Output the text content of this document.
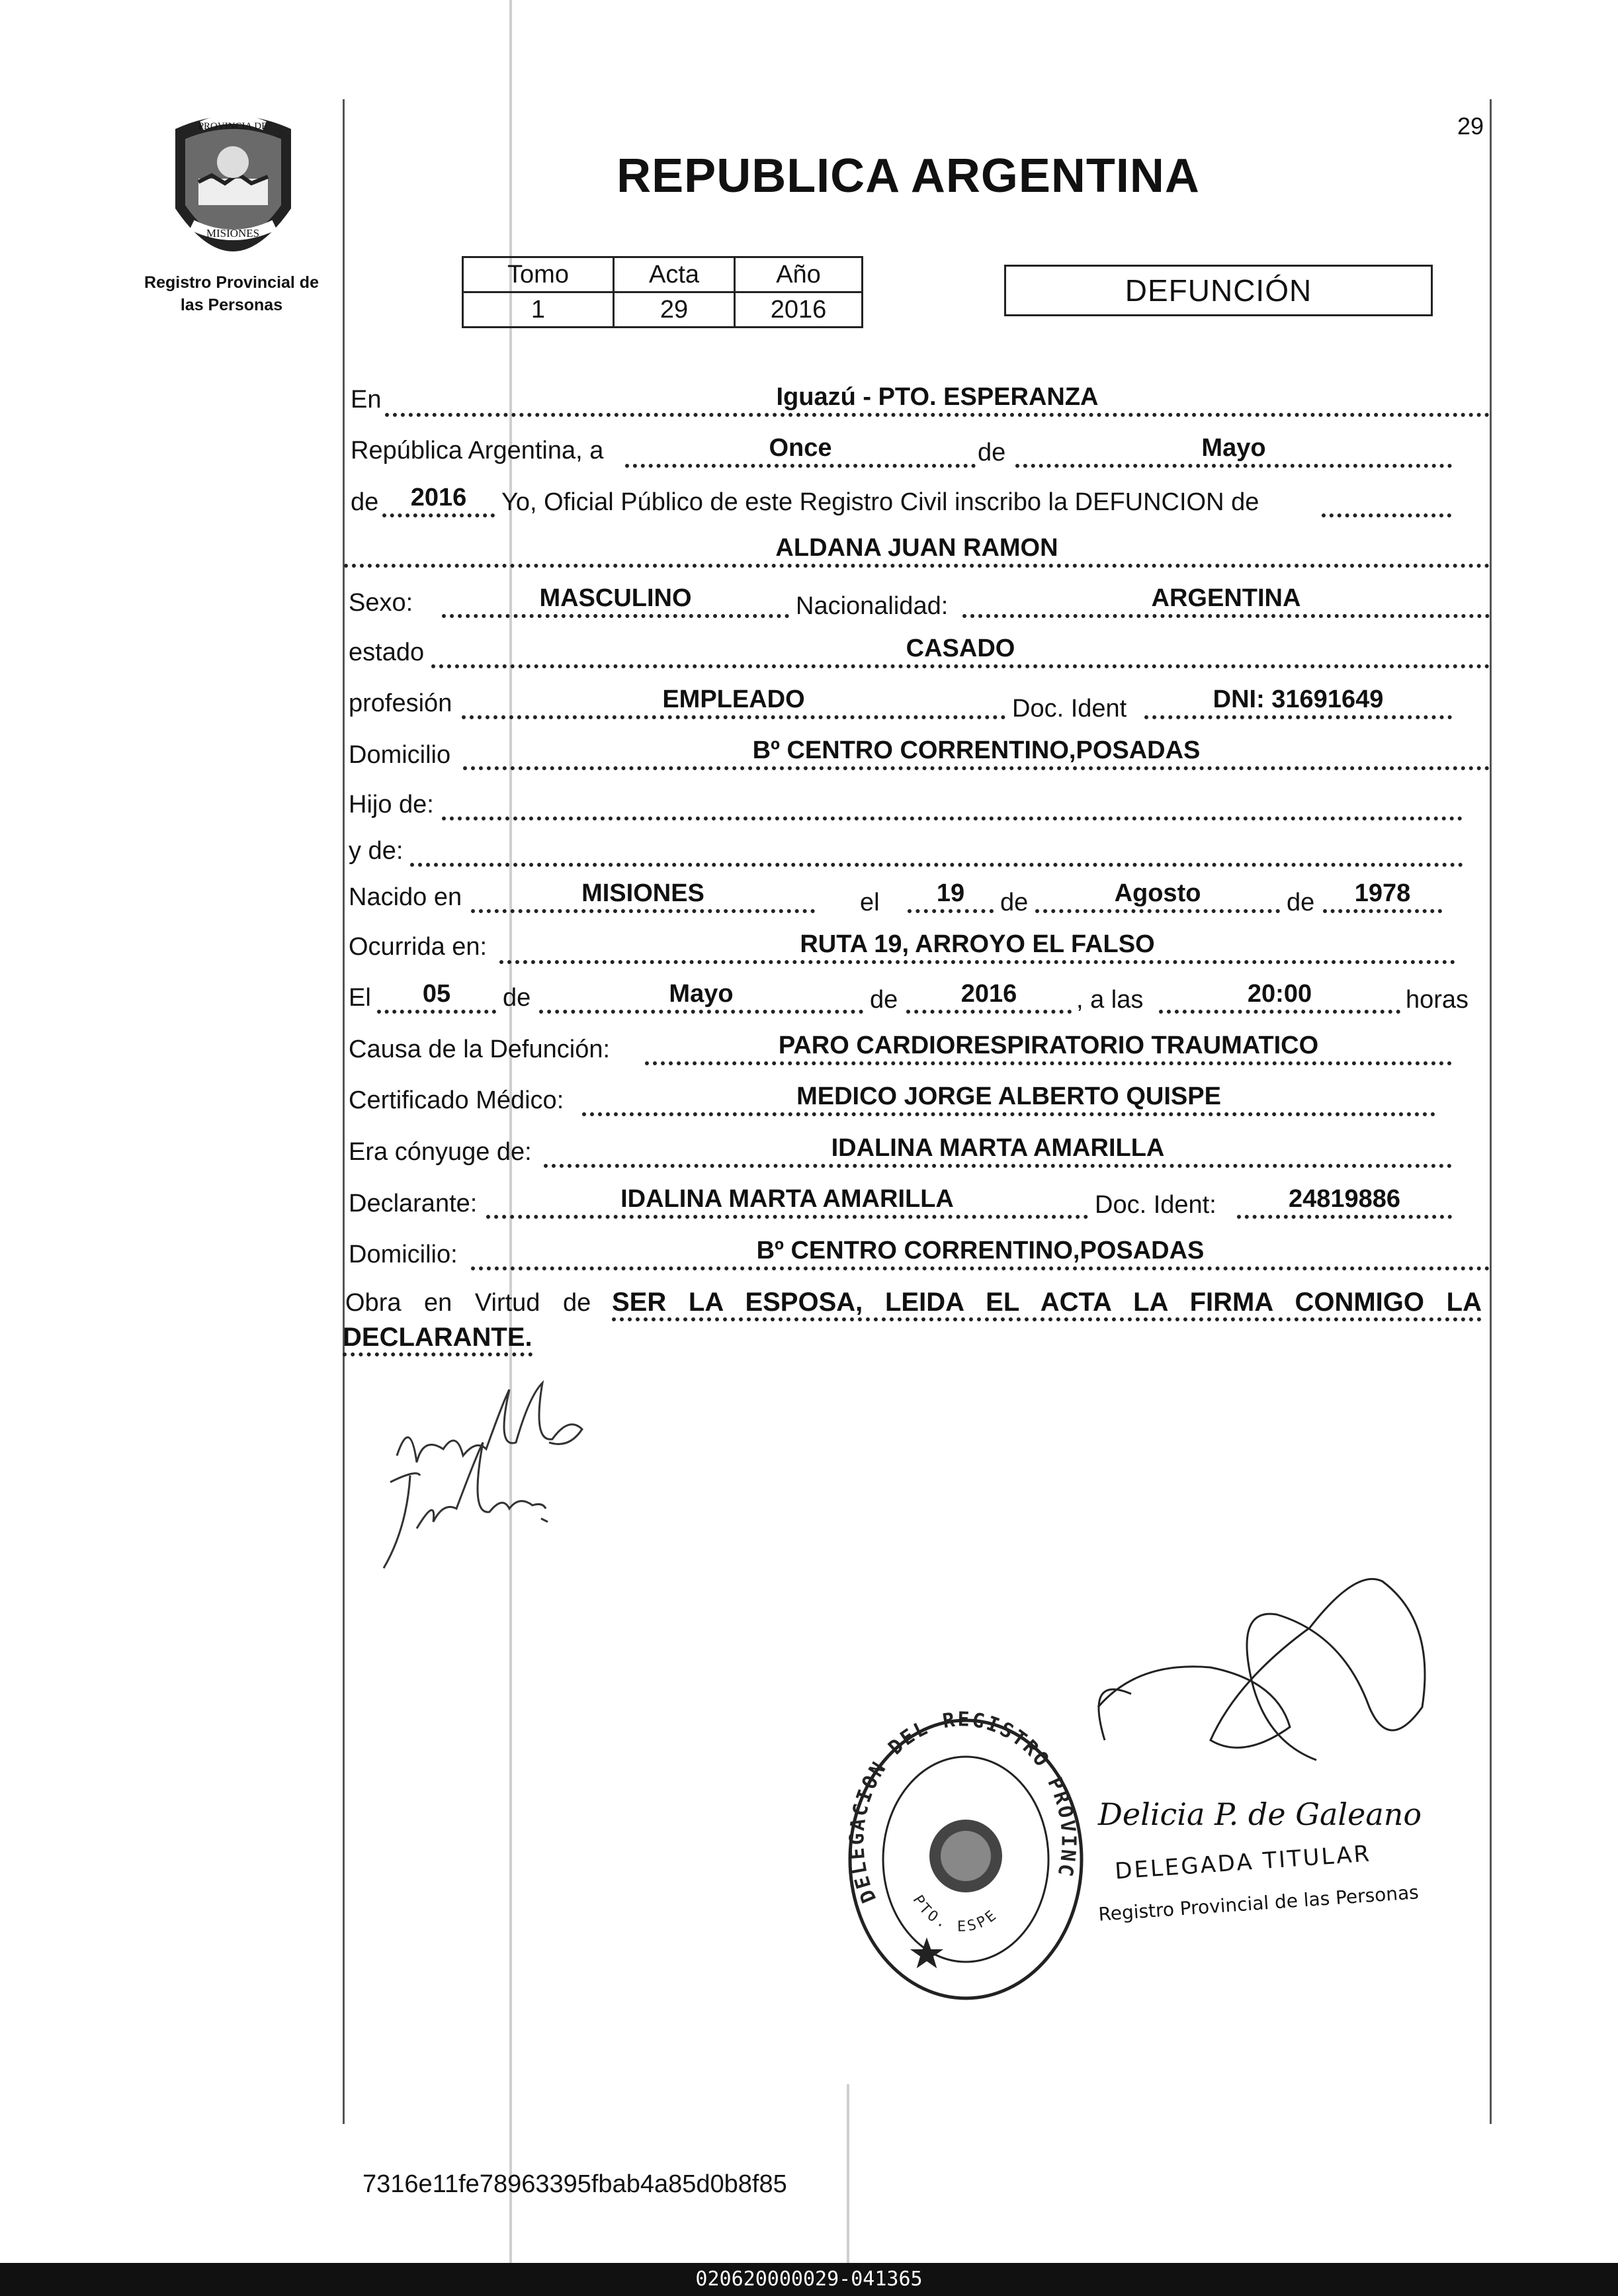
29
REPUBLICA ARGENTINA
PROVINCIA DE
MISIONES
Registro Provincial de
las Personas
Tomo	Acta	Año
1	29	2016
DEFUNCIÓN
En	Iguazú - PTO. ESPERANZA
República Argentina, a	Once	de	Mayo
de	2016	Yo, Oficial Público de este Registro Civil inscribo la DEFUNCION de
ALDANA JUAN RAMON
Sexo:	MASCULINO	Nacionalidad:	ARGENTINA
estado	CASADO
profesión	EMPLEADO	Doc. Ident	DNI: 31691649
Domicilio	Bº CENTRO CORRENTINO,POSADAS
Hijo de:
y de:
Nacido en	MISIONES	el	19	de	Agosto	de	1978
Ocurrida en:	RUTA 19, ARROYO EL FALSO
El	05	de	Mayo	de	2016	, a las	20:00	horas
Causa de la Defunción:	PARO CARDIORESPIRATORIO TRAUMATICO
Certificado Médico:	MEDICO JORGE ALBERTO QUISPE
Era cónyuge de:	IDALINA MARTA AMARILLA
Declarante:	IDALINA MARTA AMARILLA	Doc. Ident:	24819886
Domicilio:	Bº CENTRO CORRENTINO,POSADAS
Obra en Virtud de SER LA ESPOSA, LEIDA EL ACTA LA FIRMA CONMIGO LA
DECLARANTE.
DELEGACION DEL REGISTRO PROVINC
PTO. ESPE
Delicia P. de Galeano
DELEGADA TITULAR
Registro Provincial de las Personas
7316e11fe78963395fbab4a85d0b8f85
020620000029-041365
